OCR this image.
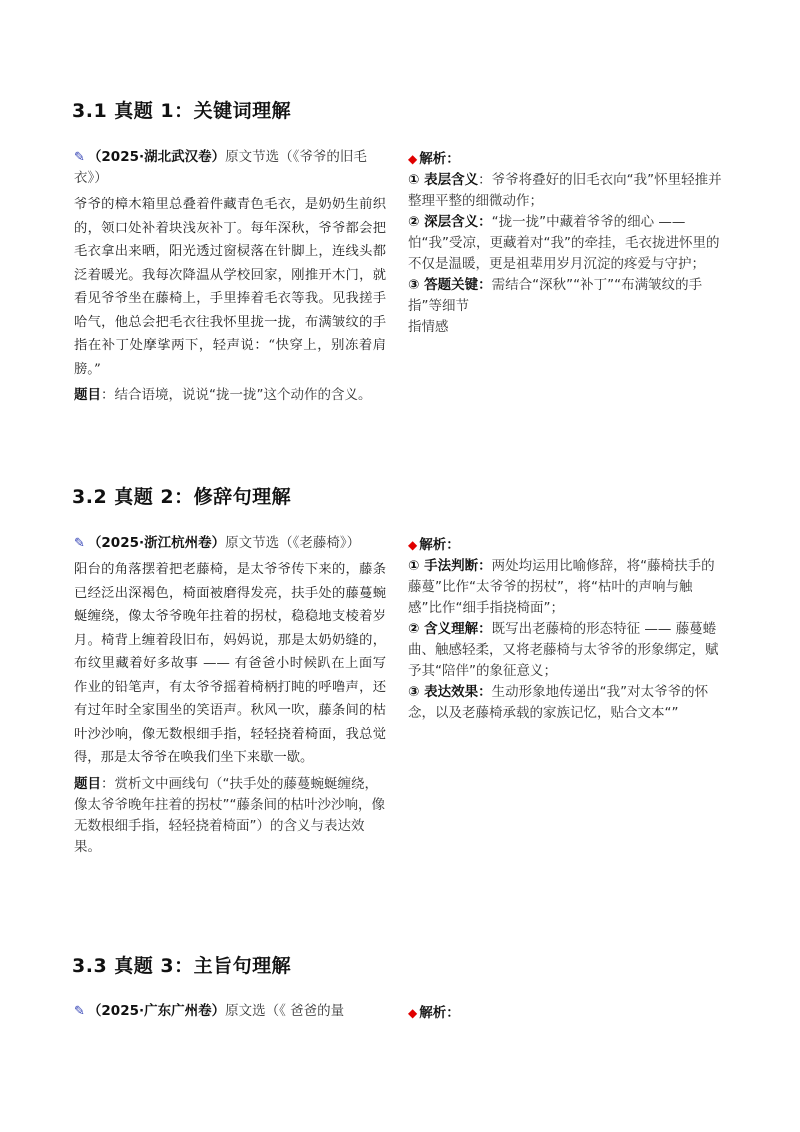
3.1 真题 1：关键词理解
✎ （2025·湖北武汉卷）原文节选（《爷爷的旧毛衣》）
爷爷的樟木箱里总叠着件藏青色毛衣，是奶奶生前织的，领口处补着块浅灰补丁。每年深秋，爷爷都会把毛衣拿出来晒，阳光透过窗棂落在针脚上，连线头都泛着暖光。我每次降温从学校回家，刚推开木门，就看见爷爷坐在藤椅上，手里捧着毛衣等我。见我搓手哈气，他总会把毛衣往我怀里拢一拢，布满皱纹的手指在补丁处摩挲两下，轻声说：“快穿上，别冻着肩膀。”
题目：结合语境，说说“拢一拢”这个动作的含义。
◆ 解析：
① 表层含义：爷爷将叠好的旧毛衣向“我”怀里轻推并整理平整的细微动作；
② 深层含义：“拢一拢”中藏着爷爷的细心 —— 怕“我”受凉，更藏着对“我”的牵挂，毛衣拢进怀里的不仅是温暖，更是祖辈用岁月沉淀的疼爱与守护；
③ 答题关键：需结合“深秋”“补丁”“布满皱纹的手指”等细节
指情感
3.2 真题 2：修辞句理解
✎ （2025·浙江杭州卷）原文节选（《老藤椅》）
阳台的角落摆着把老藤椅，是太爷爷传下来的，藤条已经泛出深褐色，椅面被磨得发亮，扶手处的藤蔓蜿蜒缠绕，像太爷爷晚年拄着的拐杖，稳稳地支棱着岁月。椅背上缠着段旧布，妈妈说，那是太奶奶缝的，布纹里藏着好多故事 —— 有爸爸小时候趴在上面写作业的铅笔声，有太爷爷摇着椅柄打盹的呼噜声，还有过年时全家围坐的笑语声。秋风一吹，藤条间的枯叶沙沙响，像无数根细手指，轻轻挠着椅面，我总觉得，那是太爷爷在唤我们坐下来歇一歇。
题目：赏析文中画线句（“扶手处的藤蔓蜿蜒缠绕，像太爷爷晚年拄着的拐杖”“藤条间的枯叶沙沙响，像无数根细手指，轻轻挠着椅面”）的含义与表达效果。
◆ 解析：
① 手法判断：两处均运用比喻修辞，将“藤椅扶手的藤蔓”比作“太爷爷的拐杖”，将“枯叶的声响与触感”比作“细手指挠椅面”；
② 含义理解：既写出老藤椅的形态特征 —— 藤蔓蜷曲、触感轻柔，又将老藤椅与太爷爷的形象绑定，赋予其“陪伴”的象征意义；
③ 表达效果：生动形象地传递出“我”对太爷爷的怀念，以及老藤椅承载的家族记忆，贴合文本“”
3.3 真题 3：主旨句理解
✎ （2025·广东广州卷）原文选（《 爸爸的量	◆ 解析：
